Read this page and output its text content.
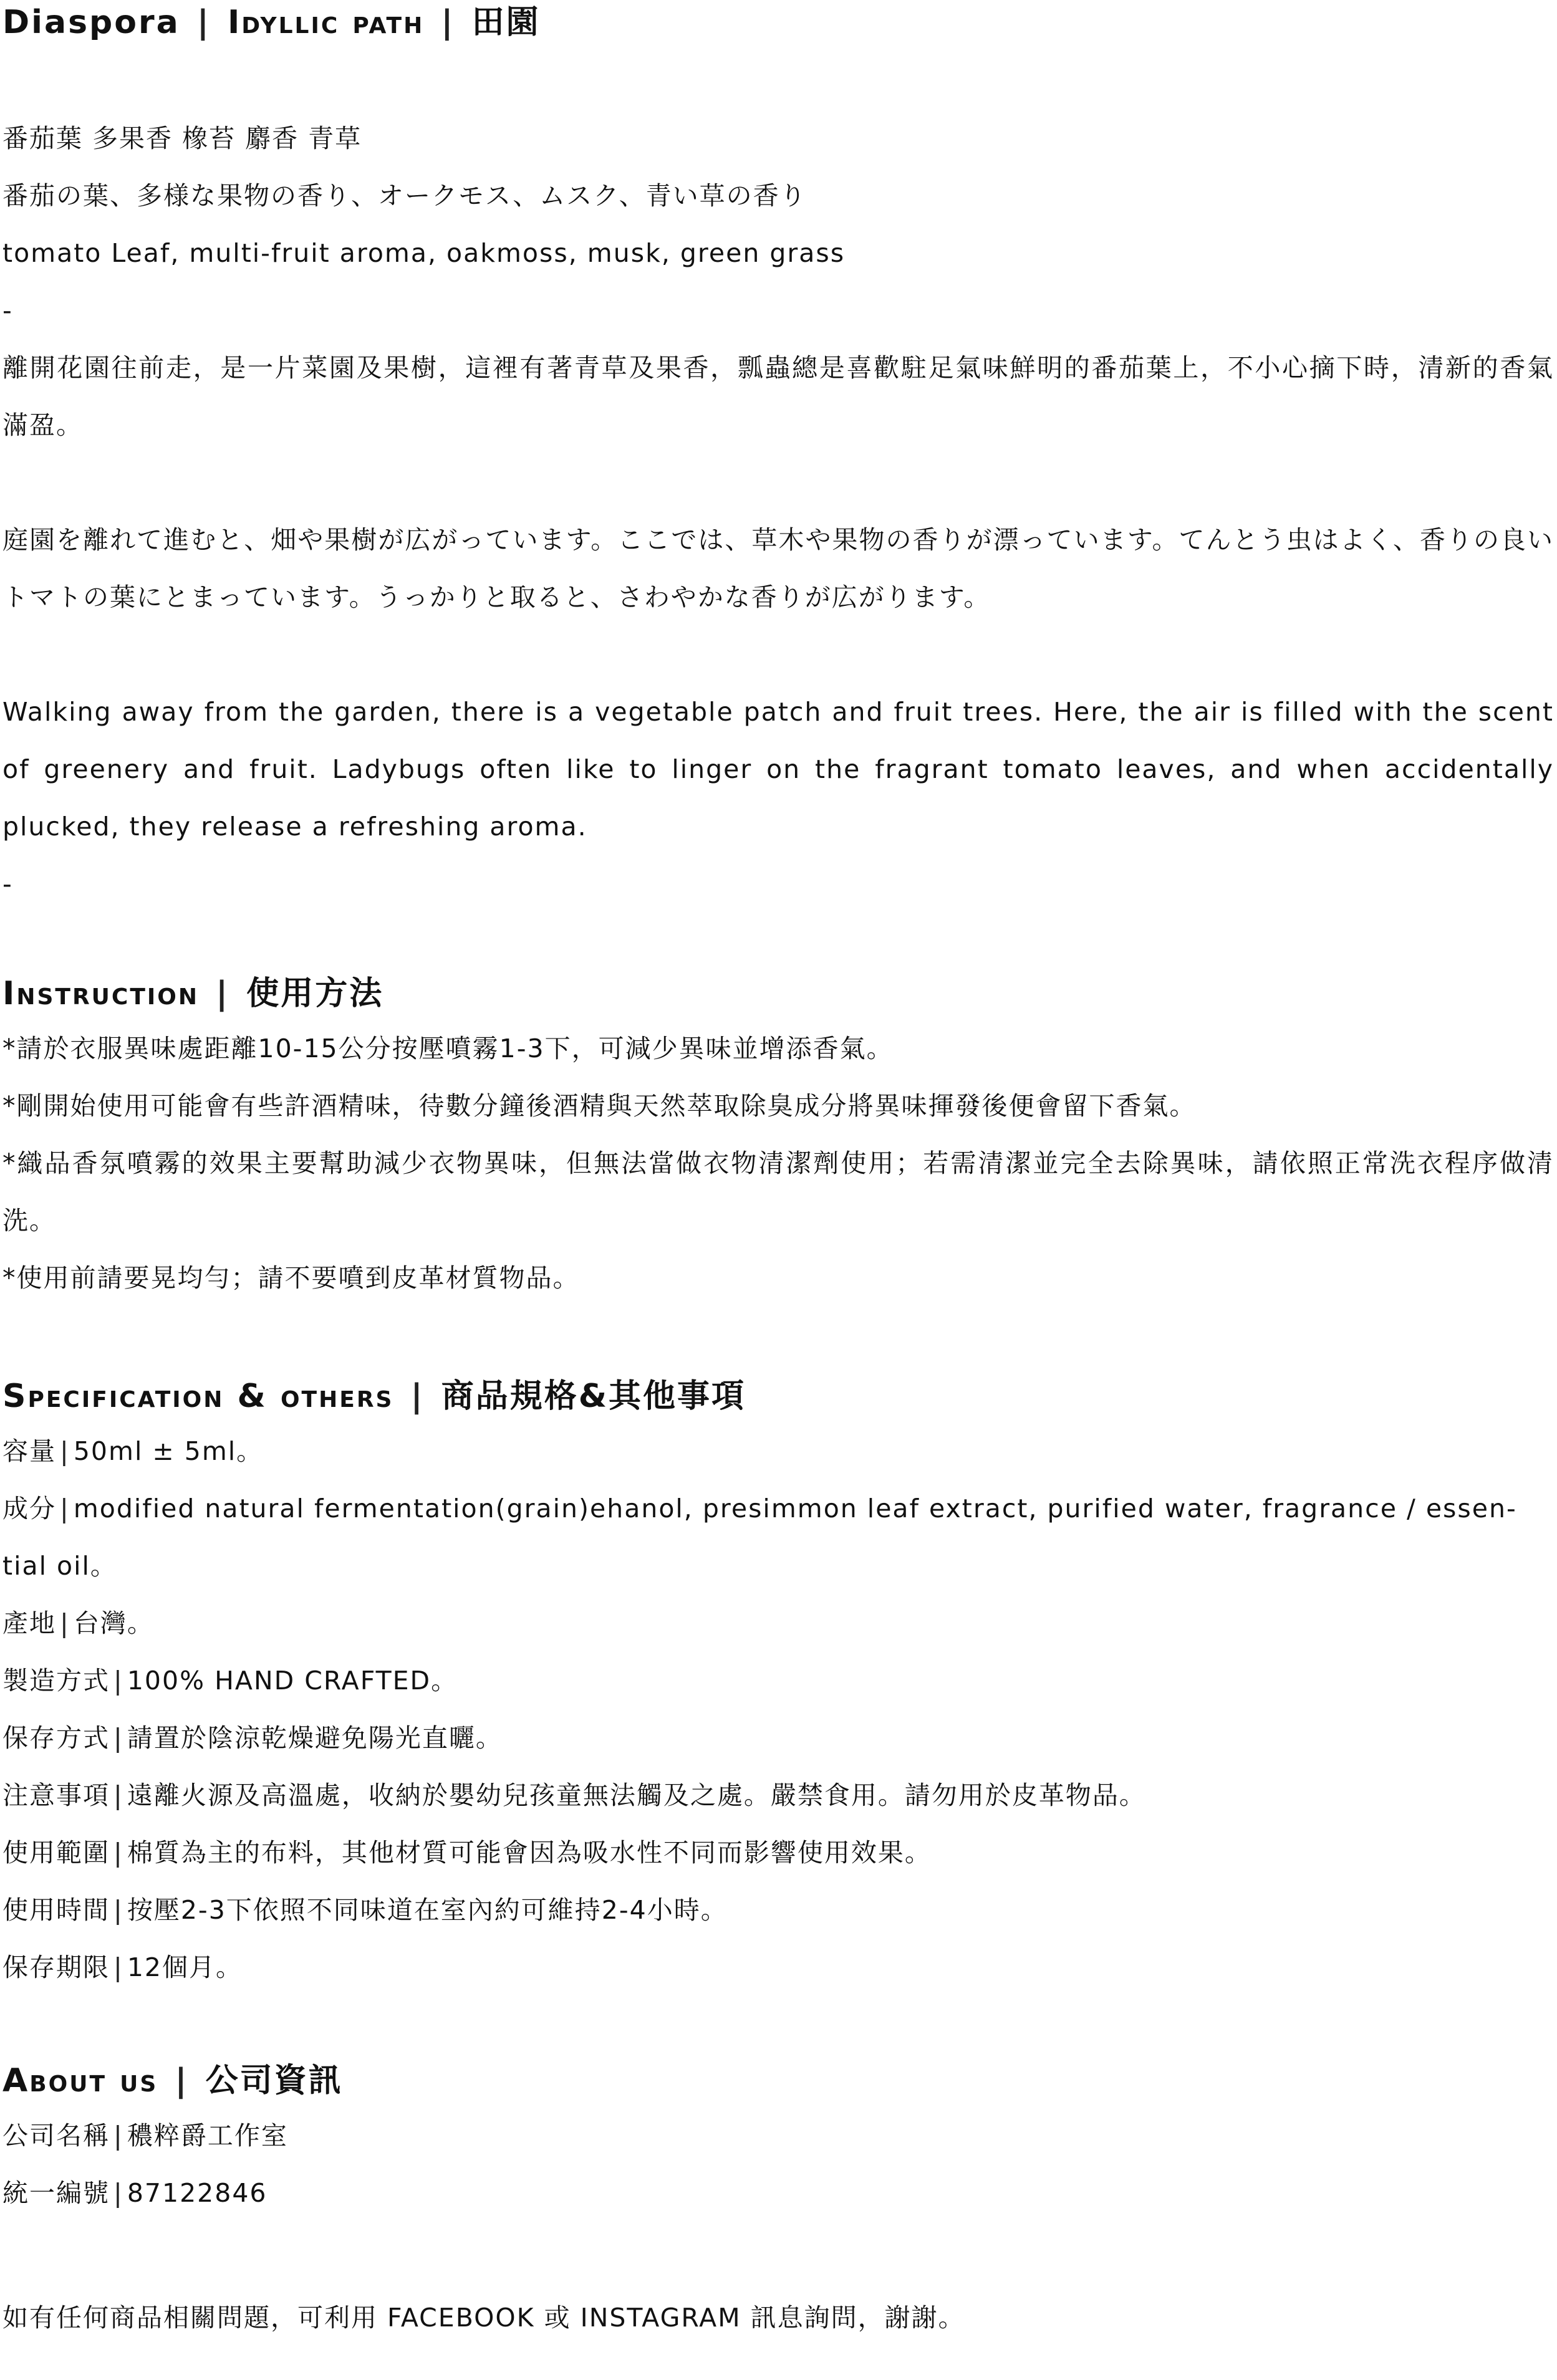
Diaspora | Idyllic path | 田園

番茄葉 多果香 橡苔 麝香 青草

番茄の葉、多様な果物の香り、オークモス、ムスク、青い草の香り

tomato Leaf, multi-fruit aroma, oakmoss, musk, green grass

-

離開花園往前走，是一片菜園及果樹，這裡有著青草及果香，瓢蟲總是喜歡駐足氣味鮮明的番茄葉上，不小心摘下時，清新的香氣滿盈。

庭園を離れて進むと、畑や果樹が広がっています。ここでは、草木や果物の香りが漂っています。てんとう虫はよく、香りの良いトマトの葉にとまっています。うっかりと取ると、さわやかな香りが広がります。

Walking away from the garden, there is a vegetable patch and fruit trees. Here, the air is filled with the scent of greenery and fruit. Ladybugs often like to linger on the fragrant tomato leaves, and when accidentally plucked, they release a refreshing aroma.

-

Instruction | 使用方法

*請於衣服異味處距離10-15公分按壓噴霧1-3下，可減少異味並增添香氣。

*剛開始使用可能會有些許酒精味，待數分鐘後酒精與天然萃取除臭成分將異味揮發後便會留下香氣。

*織品香氛噴霧的效果主要幫助減少衣物異味，但無法當做衣物清潔劑使用；若需清潔並完全去除異味，請依照正常洗衣程序做清洗。

*使用前請要晃均勻；請不要噴到皮革材質物品。

Specification & others | 商品規格&其他事項

容量 | 50ml ± 5ml。

成分 | modified natural fermentation(grain)ehanol, presimmon leaf extract, purified water, fragrance / essen-tial oil。

產地 | 台灣。

製造方式 | 100% HAND CRAFTED。

保存方式 | 請置於陰涼乾燥避免陽光直曬。

注意事項 | 遠離火源及高溫處，收納於嬰幼兒孩童無法觸及之處。嚴禁食用。請勿用於皮革物品。

使用範圍 | 棉質為主的布料，其他材質可能會因為吸水性不同而影響使用效果。

使用時間 | 按壓2-3下依照不同味道在室內約可維持2-4小時。

保存期限 | 12個月。

About us | 公司資訊

公司名稱 | 穠粹爵工作室

統一編號 | 87122846

如有任何商品相關問題，可利用 FACEBOOK 或 INSTAGRAM 訊息詢問，謝謝。
